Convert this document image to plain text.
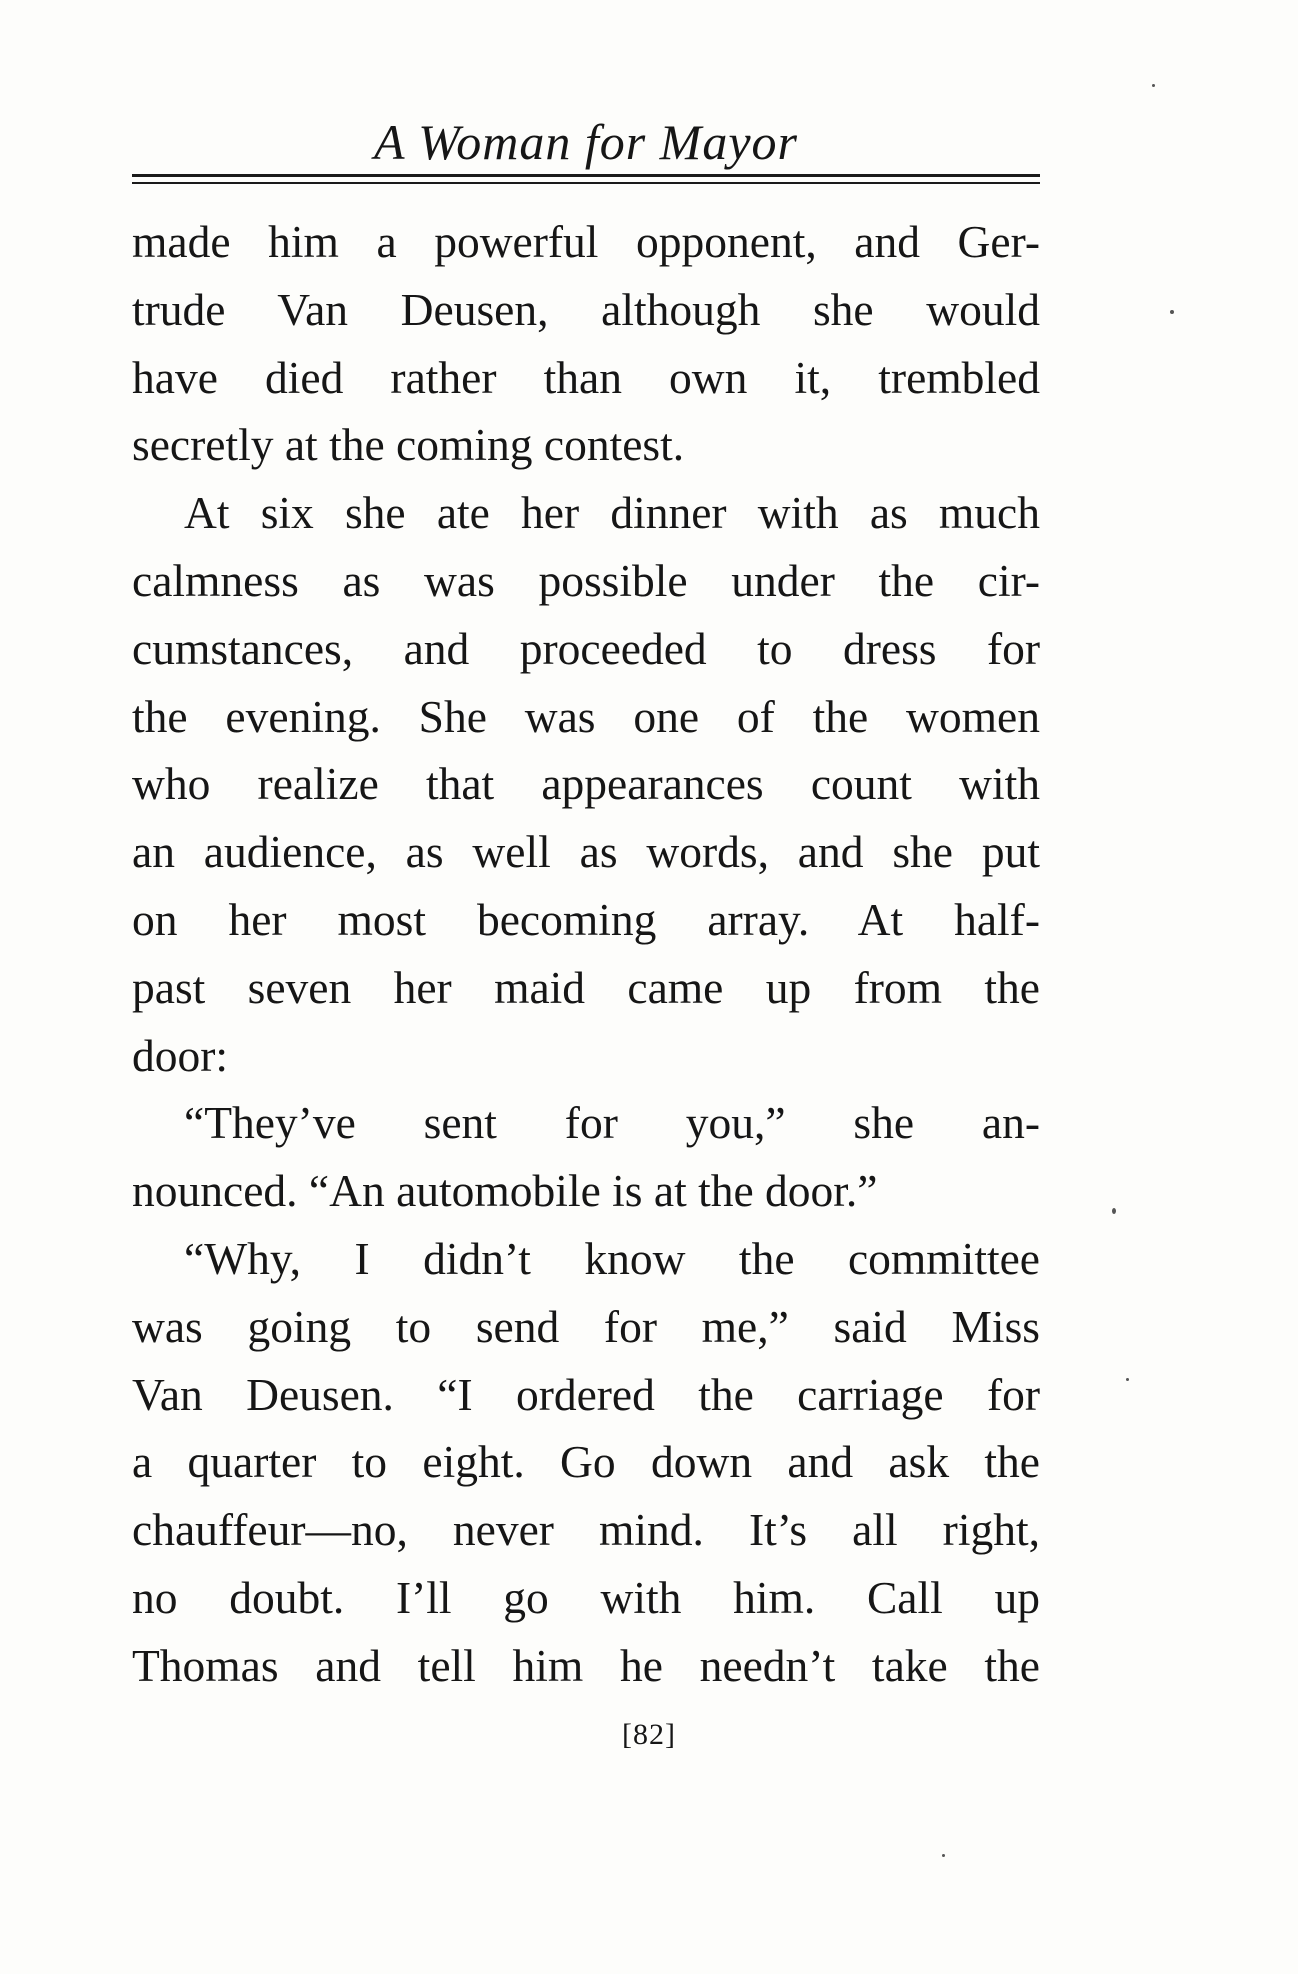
A Woman for Mayor
made him a powerful opponent, and Ger-
trude Van Deusen, although she would
have died rather than own it, trembled
secretly at the coming contest.
At six she ate her dinner with as much
calmness as was possible under the cir-
cumstances, and proceeded to dress for
the evening. She was one of the women
who realize that appearances count with
an audience, as well as words, and she put
on her most becoming array. At half-
past seven her maid came up from the
door:
“They’ve sent for you,” she an-
nounced. “An automobile is at the door.”
“Why, I didn’t know the committee
was going to send for me,” said Miss
Van Deusen. “I ordered the carriage for
a quarter to eight. Go down and ask the
chauffeur—no, never mind. It’s all right,
no doubt. I’ll go with him. Call up
Thomas and tell him he needn’t take the
[82]
